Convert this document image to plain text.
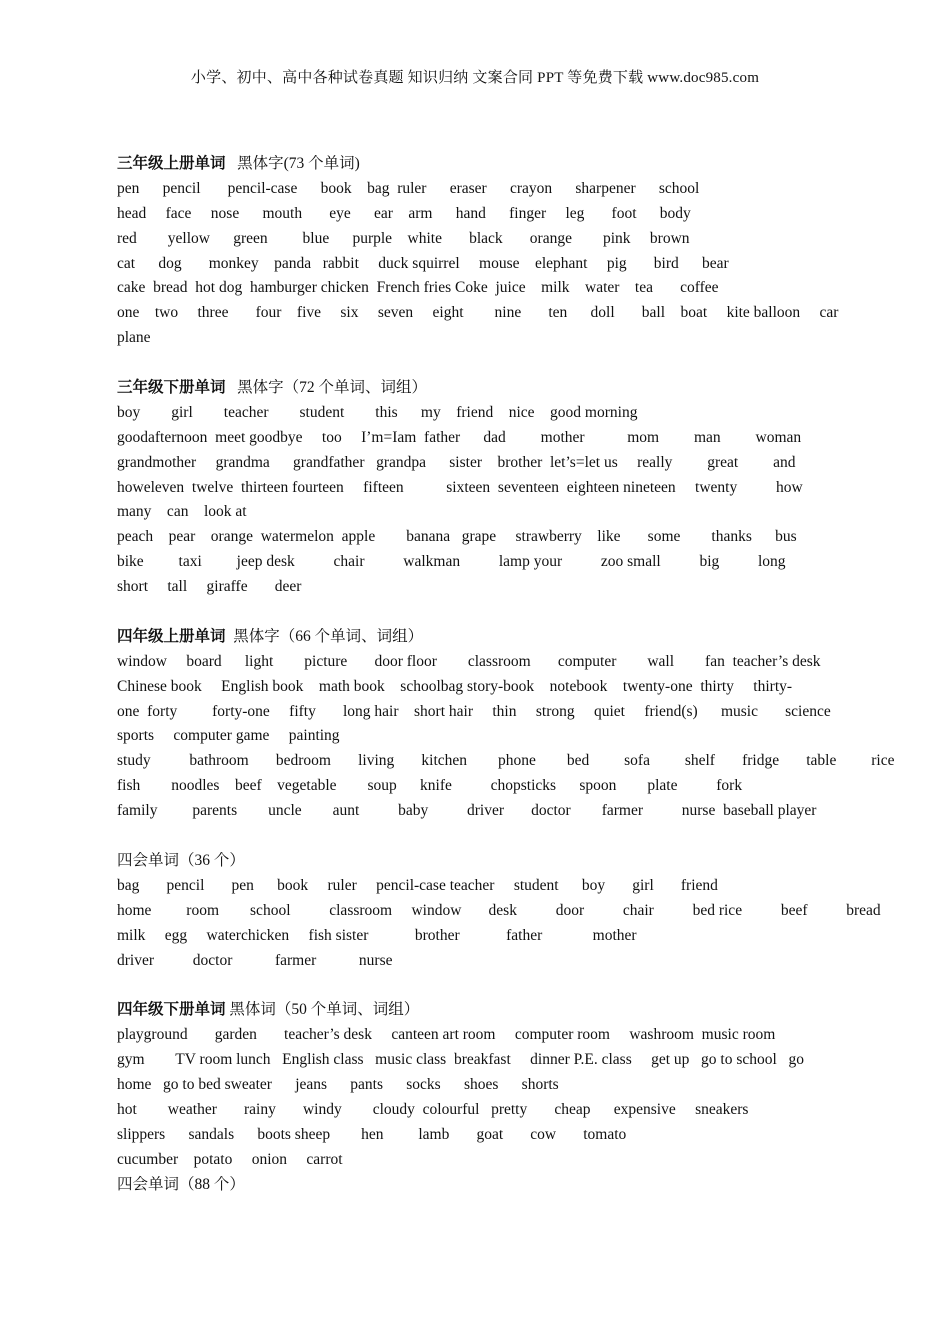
小学、初中、高中各种试卷真题 知识归纳 文案合同 PPT 等免费下载 www.doc985.com
三年级上册单词   黑体字(73 个单词)
pen      pencil       pencil-case      book    bag  ruler      eraser      crayon      sharpener      school
head     face     nose      mouth       eye      ear    arm      hand      finger     leg       foot      body
red        yellow      green         blue      purple    white       black       orange        pink     brown
cat      dog       monkey    panda   rabbit     duck squirrel     mouse    elephant     pig       bird      bear
cake  bread  hot dog  hamburger chicken  French fries Coke  juice    milk    water    tea       coffee
one    two     three       four    five     six     seven     eight        nine       ten      doll       ball    boat     kite balloon     car
plane
三年级下册单词   黑体字（72 个单词、词组）
boy        girl        teacher        student        this      my    friend    nice    good morning
goodafternoon  meet goodbye     too     I’m=Iam  father      dad         mother           mom         man         woman
grandmother     grandma      grandfather   grandpa      sister    brother  let’s=let us     really         great         and
howeleven  twelve  thirteen fourteen     fifteen           sixteen  seventeen  eighteen nineteen     twenty          how
many    can    look at
peach    pear    orange  watermelon  apple        banana   grape     strawberry    like       some        thanks      bus
bike         taxi         jeep desk          chair          walkman          lamp your          zoo small          big          long
short     tall     giraffe       deer
四年级上册单词  黑体字（66 个单词、词组）
window     board      light        picture       door floor        classroom       computer        wall        fan  teacher’s desk
Chinese book     English book    math book    schoolbag story-book    notebook    twenty-one  thirty     thirty-
one  forty         forty-one     fifty       long hair    short hair     thin     strong     quiet     friend(s)      music       science
sports     computer game     painting
study          bathroom       bedroom       living       kitchen        phone        bed         sofa         shelf       fridge       table         rice
fish        noodles    beef    vegetable        soup      knife          chopsticks      spoon        plate          fork
family         parents        uncle        aunt          baby          driver       doctor        farmer          nurse  baseball player
四会单词（36 个）
bag       pencil       pen      book     ruler     pencil-case teacher     student      boy       girl       friend
home         room        school          classroom     window       desk          door          chair          bed rice          beef          bread
milk     egg     waterchicken     fish sister            brother            father             mother
driver          doctor           farmer           nurse
四年级下册单词 黑体词（50 个单词、词组）
playground       garden       teacher’s desk     canteen art room     computer room     washroom  music room
gym        TV room lunch   English class   music class  breakfast     dinner P.E. class     get up   go to school   go
home   go to bed sweater      jeans      pants      socks      shoes      shorts
hot        weather       rainy       windy        cloudy  colourful   pretty       cheap      expensive     sneakers
slippers      sandals      boots sheep        hen         lamb       goat       cow       tomato
cucumber    potato     onion     carrot
四会单词（88 个）
